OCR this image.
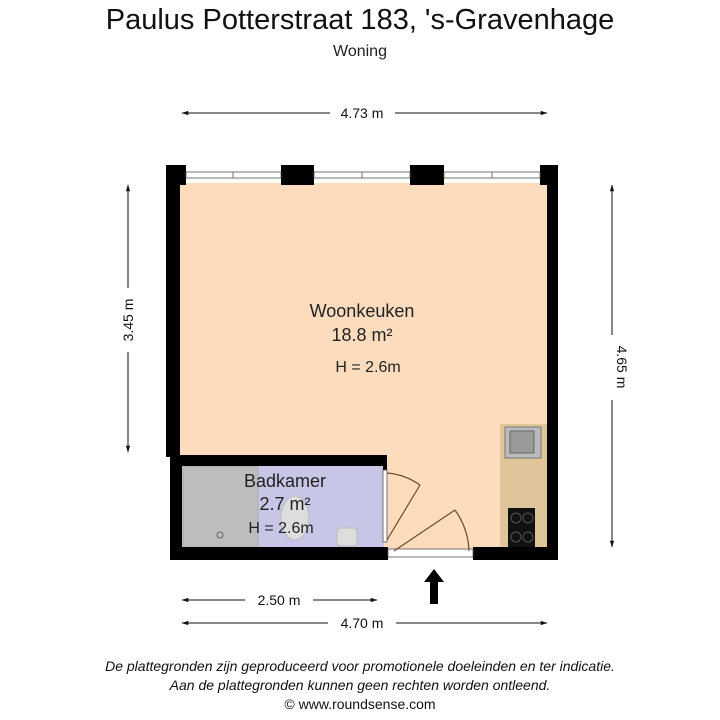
Paulus Potterstraat 183, 's-Gravenhage
Woning
Woonkeuken
18.8 m²
H = 2.6m
Badkamer
2.7 m²
H = 2.6m
4.73 m
3.45 m
4.65 m
2.50 m
4.70 m
De plattegronden zijn geproduceerd voor promotionele doeleinden en ter indicatie.
Aan de plattegronden kunnen geen rechten worden ontleend.
© www.roundsense.com
